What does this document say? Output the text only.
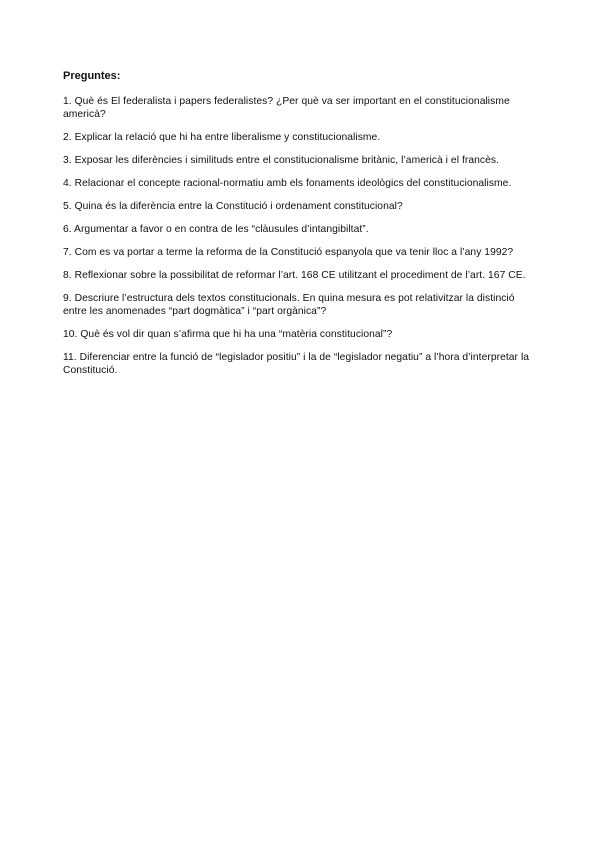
Preguntes:

1. Què és El federalista i papers federalistes? ¿Per què va ser important en el constitucionalisme americà?

2. Explicar la relació que hi ha entre liberalisme y constitucionalisme.

3. Exposar les diferències i similituds entre el constitucionalisme britànic, l’americà i el francès.

4. Relacionar el concepte racional-normatiu amb els fonaments ideològics del constitucionalisme.

5. Quina és la diferència entre la Constitució i ordenament constitucional?

6. Argumentar a favor o en contra de les “clàusules d’intangibiltat”.

7. Com es va portar a terme la reforma de la Constitució espanyola que va tenir lloc a l’any 1992?

8. Reflexionar sobre la possibilitat de reformar l’art. 168 CE utilitzant el procediment de l’art. 167 CE.

9. Descriure l’estructura dels textos constitucionals. En quina mesura es pot relativitzar la distinció entre les anomenades “part dogmàtica” i “part orgànica”?

10. Què és vol dir quan s’afirma que hi ha una “matèria constitucional”?

11. Diferenciar entre la funció de “legislador positiu” i la de “legislador negatiu” a l’hora d’interpretar la Constitució.
